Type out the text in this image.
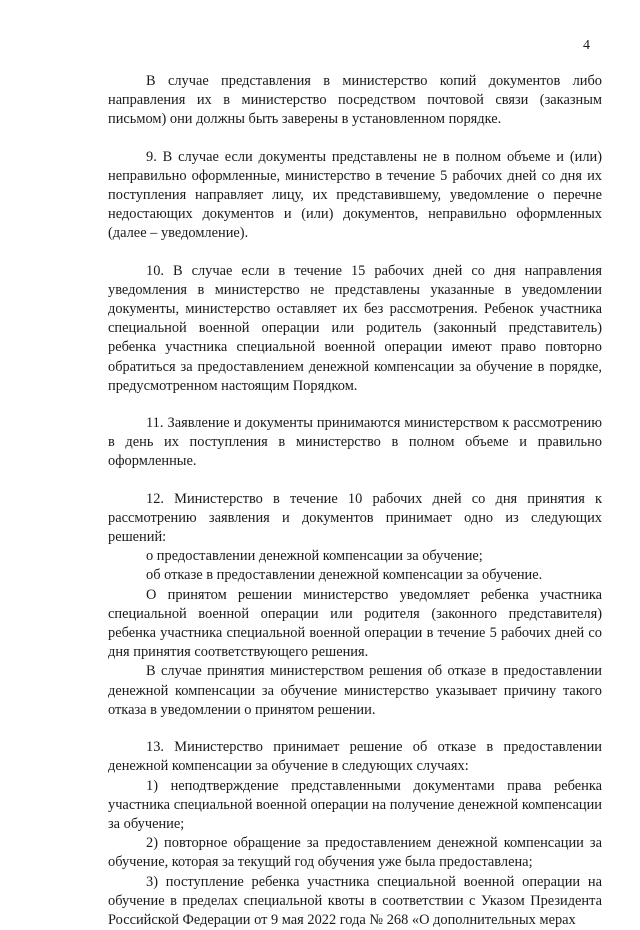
4

В случае представления в министерство копий документов либо направления их в министерство посредством почтовой связи (заказным письмом) они должны быть заверены в установленном порядке.

9. В случае если документы представлены не в полном объеме и (или) неправильно оформленные, министерство в течение 5 рабочих дней со дня их поступления направляет лицу, их представившему, уведомление о перечне недостающих документов и (или) документов, неправильно оформленных (далее – уведомление).

10. В случае если в течение 15 рабочих дней со дня направления уведомления в министерство не представлены указанные в уведомлении документы, министерство оставляет их без рассмотрения. Ребенок участника специальной военной операции или родитель (законный представитель) ребенка участника специальной военной операции имеют право повторно обратиться за предоставлением денежной компенсации за обучение в порядке, предусмотренном настоящим Порядком.

11. Заявление и документы принимаются министерством к рассмотрению в день их поступления в министерство в полном объеме и правильно оформленные.

12. Министерство в течение 10 рабочих дней со дня принятия к рассмотрению заявления и документов принимает одно из следующих решений:

о предоставлении денежной компенсации за обучение;

об отказе в предоставлении денежной компенсации за обучение.

О принятом решении министерство уведомляет ребенка участника специальной военной операции или родителя (законного представителя) ребенка участника специальной военной операции в течение 5 рабочих дней со дня принятия соответствующего решения.

В случае принятия министерством решения об отказе в предоставлении денежной компенсации за обучение министерство указывает причину такого отказа в уведомлении о принятом решении.

13. Министерство принимает решение об отказе в предоставлении денежной компенсации за обучение в следующих случаях:

1) неподтверждение представленными документами права ребенка участника специальной военной операции на получение денежной компенсации за обучение;

2) повторное обращение за предоставлением денежной компенсации за обучение, которая за текущий год обучения уже была предоставлена;

3) поступление ребенка участника специальной военной операции на обучение в пределах специальной квоты в соответствии с Указом Президента Российской Федерации от 9 мая 2022 года № 268 «О дополнительных мерах
